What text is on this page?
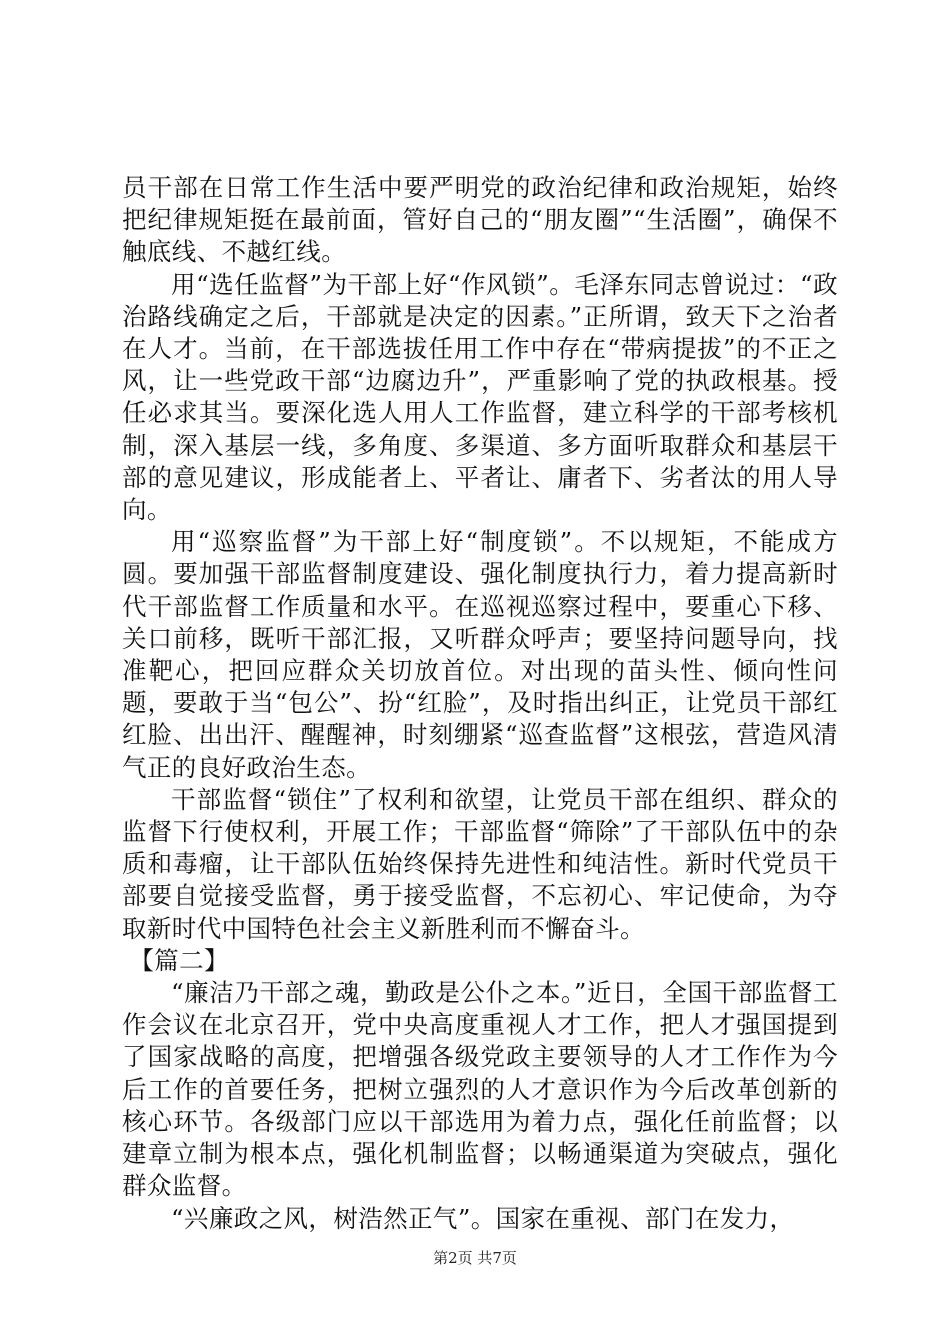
员干部在日常工作生活中要严明党的政治纪律和政治规矩，始终把纪律规矩挺在最前面，管好自己的“朋友圈”“生活圈”，确保不触底线、不越红线。

用“选任监督”为干部上好“作风锁”。毛泽东同志曾说过：“政治路线确定之后，干部就是决定的因素。”正所谓，致天下之治者在人才。当前，在干部选拔任用工作中存在“带病提拔”的不正之风，让一些党政干部“边腐边升”，严重影响了党的执政根基。授任必求其当。要深化选人用人工作监督，建立科学的干部考核机制，深入基层一线，多角度、多渠道、多方面听取群众和基层干部的意见建议，形成能者上、平者让、庸者下、劣者汰的用人导向。

用“巡察监督”为干部上好“制度锁”。不以规矩，不能成方圆。要加强干部监督制度建设、强化制度执行力，着力提高新时代干部监督工作质量和水平。在巡视巡察过程中，要重心下移、关口前移，既听干部汇报，又听群众呼声；要坚持问题导向，找准靶心，把回应群众关切放首位。对出现的苗头性、倾向性问题，要敢于当“包公”、扮“红脸”，及时指出纠正，让党员干部红红脸、出出汗、醒醒神，时刻绷紧“巡查监督”这根弦，营造风清气正的良好政治生态。

干部监督“锁住”了权利和欲望，让党员干部在组织、群众的监督下行使权利，开展工作；干部监督“筛除”了干部队伍中的杂质和毒瘤，让干部队伍始终保持先进性和纯洁性。新时代党员干部要自觉接受监督，勇于接受监督，不忘初心、牢记使命，为夺取新时代中国特色社会主义新胜利而不懈奋斗。

【篇二】

“廉洁乃干部之魂，勤政是公仆之本。”近日，全国干部监督工作会议在北京召开，党中央高度重视人才工作，把人才强国提到了国家战略的高度，把增强各级党政主要领导的人才工作作为今后工作的首要任务，把树立强烈的人才意识作为今后改革创新的核心环节。各级部门应以干部选用为着力点，强化任前监督；以建章立制为根本点，强化机制监督；以畅通渠道为突破点，强化群众监督。

“兴廉政之风，树浩然正气”。国家在重视、部门在发力，

第2页 共7页
